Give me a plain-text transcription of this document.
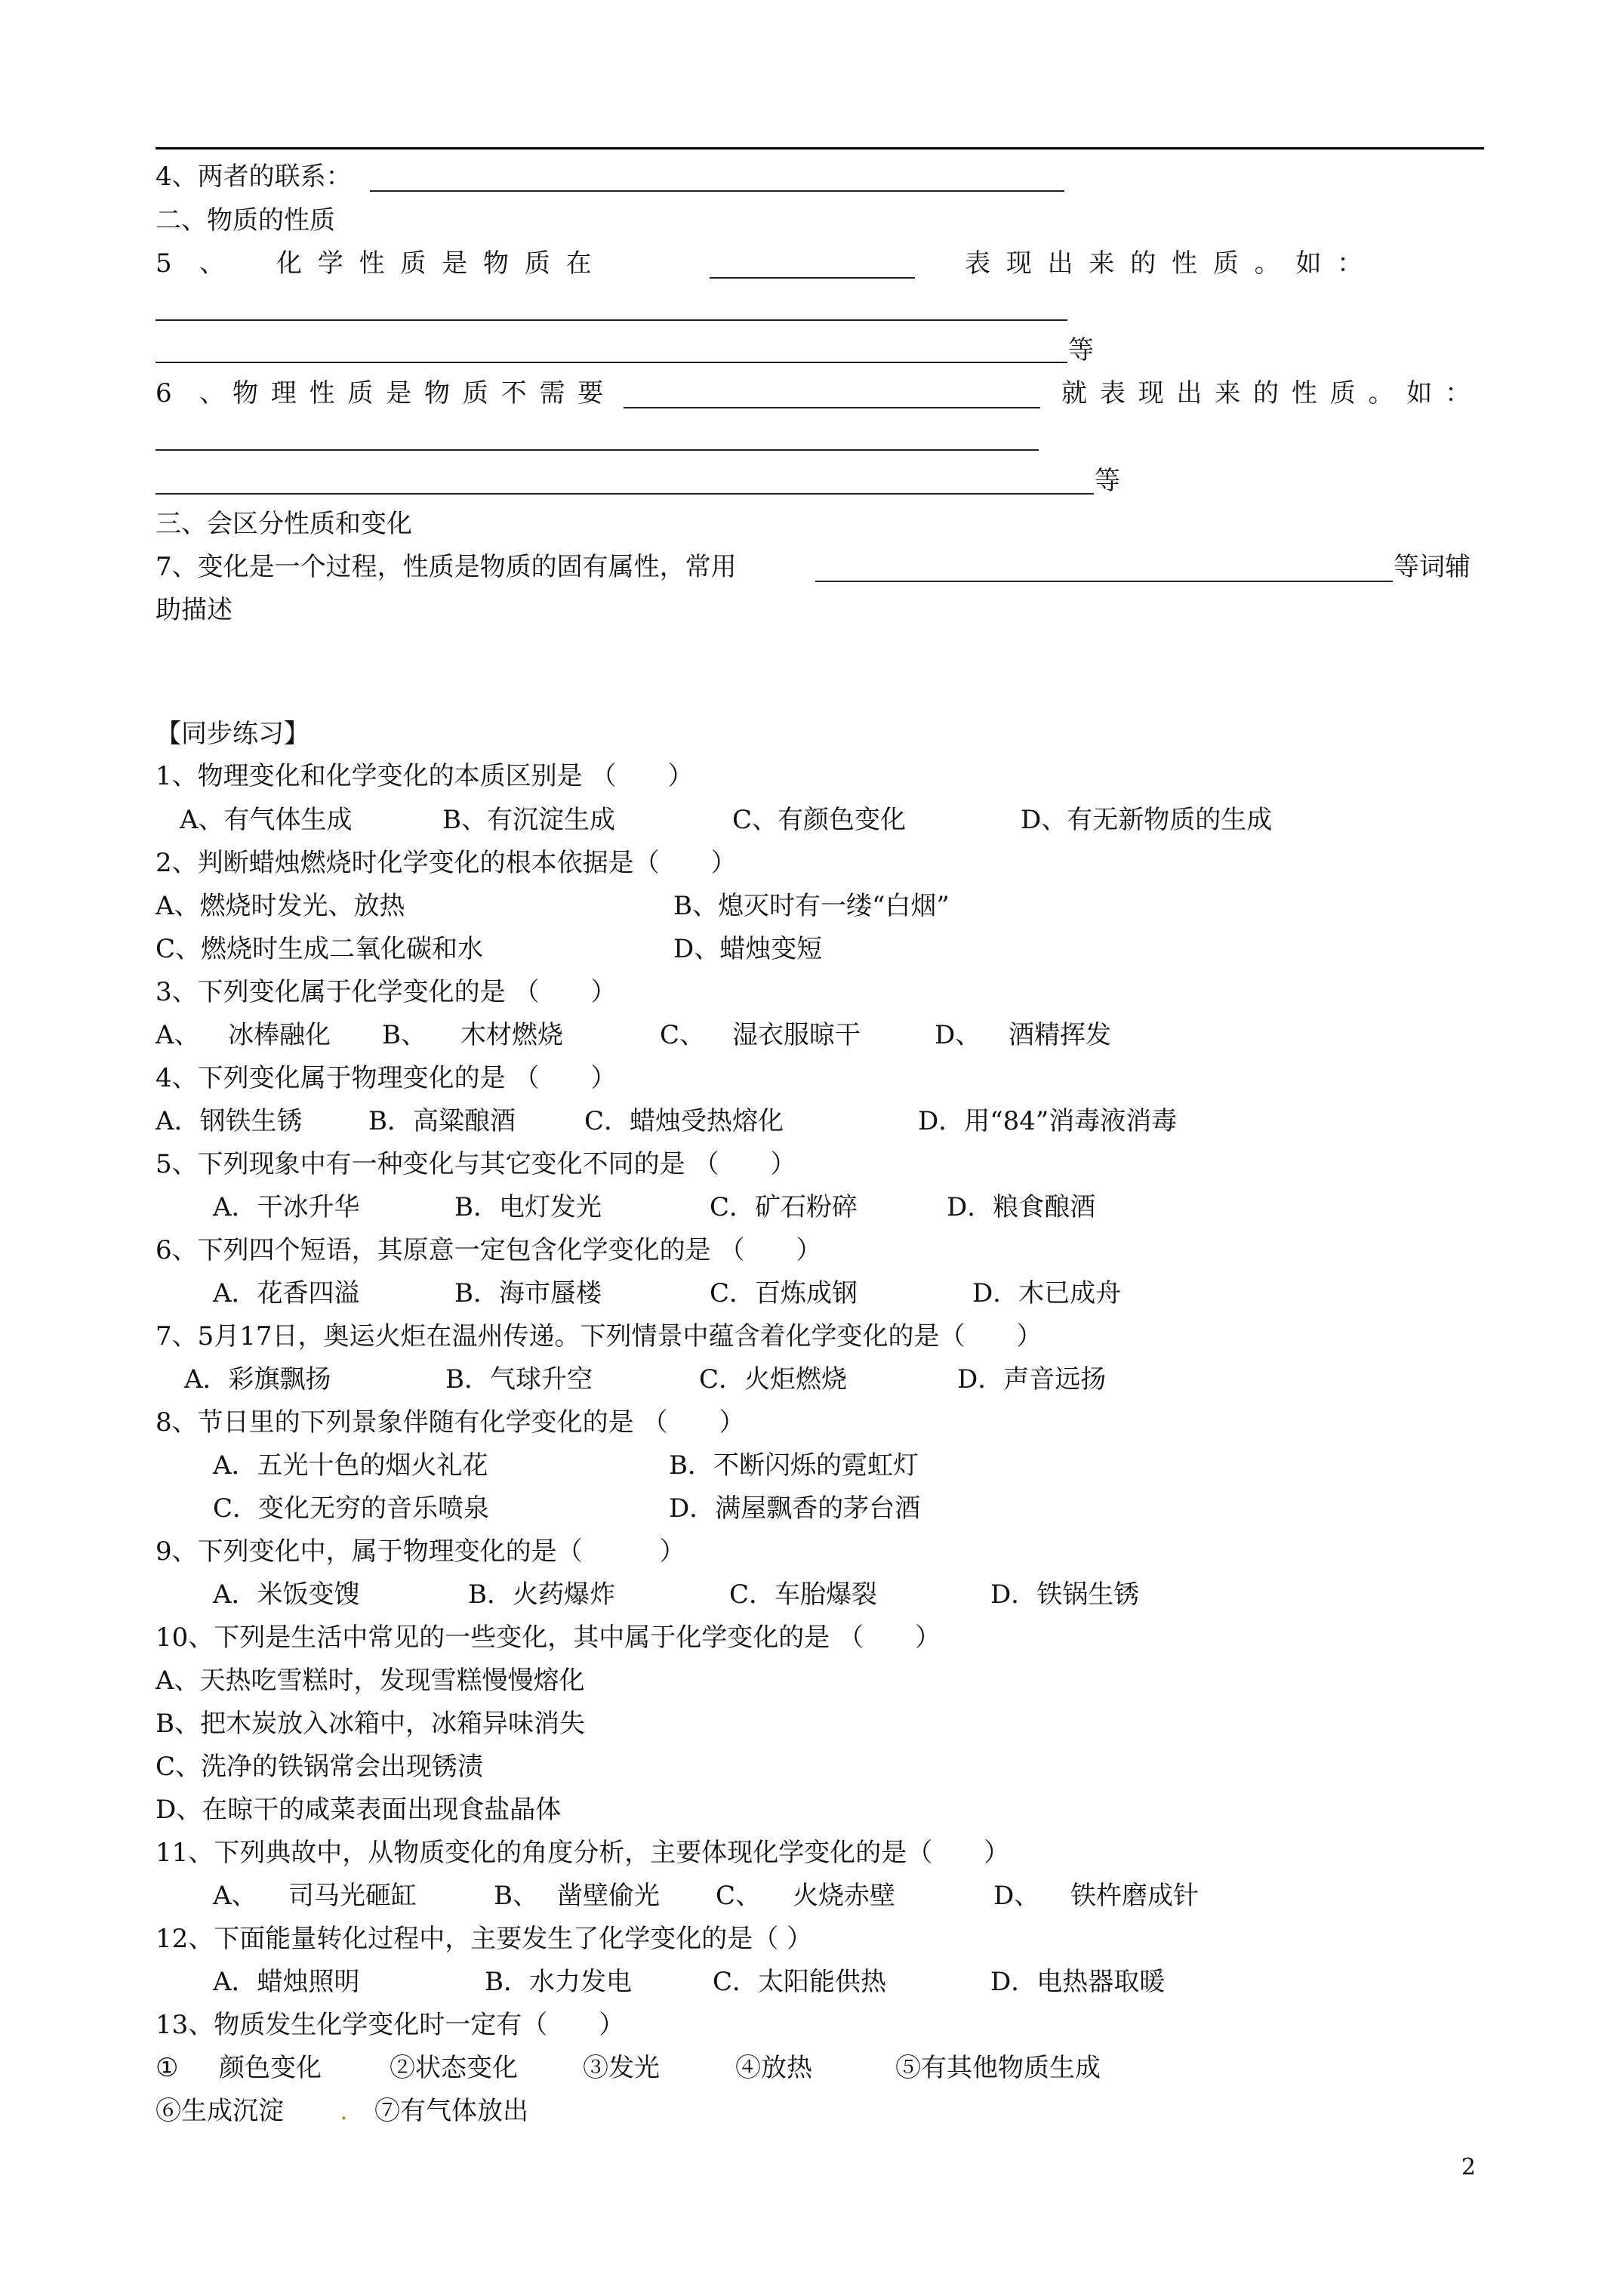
4、两者的联系：
二、物质的性质
5 、 化 学 性 质 是 物 质 在	表 现 出 来 的 性 质 。 如 ：
等
6 、 物 理 性 质 是 物 质 不 需 要	就 表 现 出 来 的 性 质 。 如 ：
等
三、会区分性质和变化
7、变化是一个过程，性质是物质的固有属性，常用	等词辅
助描述
【同步练习】
1、物理变化和化学变化的本质区别是 （　　）
A、有气体生成	B、有沉淀生成	C、有颜色变化	D、有无新物质的生成
2、判断蜡烛燃烧时化学变化的根本依据是（　　）
A、燃烧时发光、放热	B、熄灭时有一缕“白烟”
C、燃烧时生成二氧化碳和水	D、蜡烛变短
3、下列变化属于化学变化的是 （　　）
A、 冰棒融化 B、 木材燃烧	C、 湿衣服晾干	D、 酒精挥发
4、下列变化属于物理变化的是 （　　）
A．钢铁生锈	B．高粱酿酒	C．蜡烛受热熔化	D．用“84”消毒液消毒
5、下列现象中有一种变化与其它变化不同的是 （　　）
A．干冰升华	B．电灯发光	C．矿石粉碎	D．粮食酿酒
6、下列四个短语，其原意一定包含化学变化的是 （　　）
A．花香四溢	B．海市蜃楼	C．百炼成钢	D．木已成舟
7、5月17日，奥运火炬在温州传递。下列情景中蕴含着化学变化的是（　　）
A．彩旗飘扬	B．气球升空	C．火炬燃烧	D．声音远扬
8、节日里的下列景象伴随有化学变化的是 （　　）
A．五光十色的烟火礼花	B．不断闪烁的霓虹灯
C．变化无穷的音乐喷泉	D．满屋飘香的茅台酒
9、下列变化中，属于物理变化的是（　　　）
A．米饭变馊	B．火药爆炸	C．车胎爆裂	D．铁锅生锈
10、下列是生活中常见的一些变化，其中属于化学变化的是 （　　）
A、天热吃雪糕时，发现雪糕慢慢熔化
B、把木炭放入冰箱中，冰箱异味消失
C、洗净的铁锅常会出现锈渍
D、在晾干的咸菜表面出现食盐晶体
11、下列典故中，从物质变化的角度分析，主要体现化学变化的是（　　）
A、 司马光砸缸	B、 凿壁偷光 C、 火烧赤壁	D、 铁杵磨成针
12、下面能量转化过程中，主要发生了化学变化的是（ ）
A．蜡烛照明	B．水力发电	C．太阳能供热	D．电热器取暖
13、物质发生化学变化时一定有（　　）
① 颜色变化	②状态变化	③发光	④放热	⑤有其他物质生成
⑥生成沉淀 . ⑦有气体放出
2
